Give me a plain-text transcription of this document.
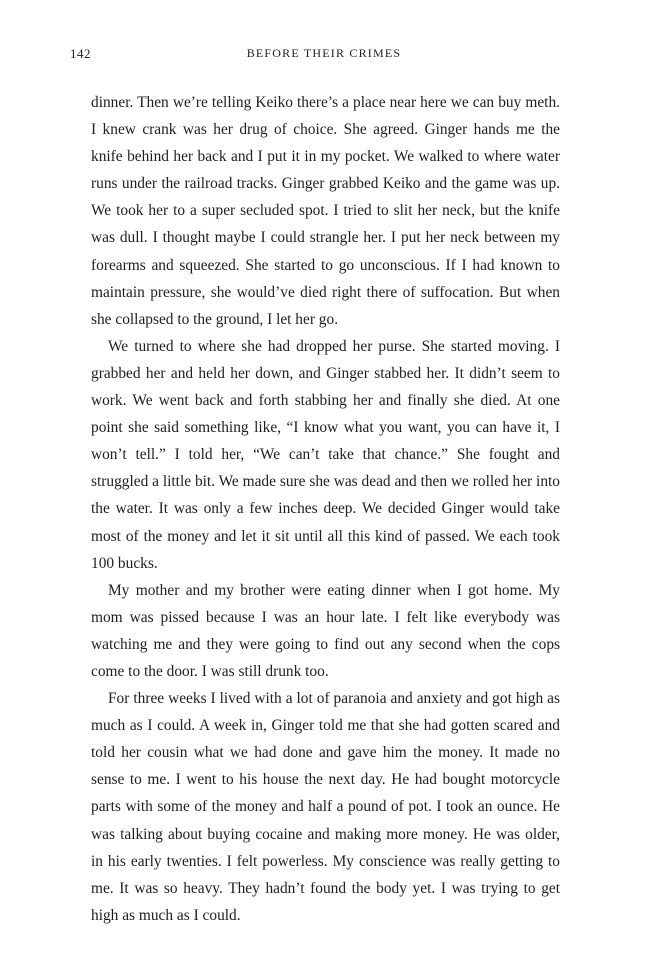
142	BEFORE THEIR CRIMES

dinner. Then we’re telling Keiko there’s a place near here we can buy meth. I knew crank was her drug of choice. She agreed. Ginger hands me the knife behind her back and I put it in my pocket. We walked to where water runs under the railroad tracks. Ginger grabbed Keiko and the game was up. We took her to a super secluded spot. I tried to slit her neck, but the knife was dull. I thought maybe I could strangle her. I put her neck between my forearms and squeezed. She started to go unconscious. If I had known to maintain pressure, she would’ve died right there of suffocation. But when she collapsed to the ground, I let her go.

We turned to where she had dropped her purse. She started moving. I grabbed her and held her down, and Ginger stabbed her. It didn’t seem to work. We went back and forth stabbing her and finally she died. At one point she said something like, “I know what you want, you can have it, I won’t tell.” I told her, “We can’t take that chance.” She fought and struggled a little bit. We made sure she was dead and then we rolled her into the water. It was only a few inches deep. We decided Ginger would take most of the money and let it sit until all this kind of passed. We each took 100 bucks.

My mother and my brother were eating dinner when I got home. My mom was pissed because I was an hour late. I felt like everybody was watching me and they were going to find out any second when the cops come to the door. I was still drunk too.

For three weeks I lived with a lot of paranoia and anxiety and got high as much as I could. A week in, Ginger told me that she had gotten scared and told her cousin what we had done and gave him the money. It made no sense to me. I went to his house the next day. He had bought motorcycle parts with some of the money and half a pound of pot. I took an ounce. He was talking about buying cocaine and making more money. He was older, in his early twenties. I felt powerless. My conscience was really getting to me. It was so heavy. They hadn’t found the body yet. I was trying to get high as much as I could.
